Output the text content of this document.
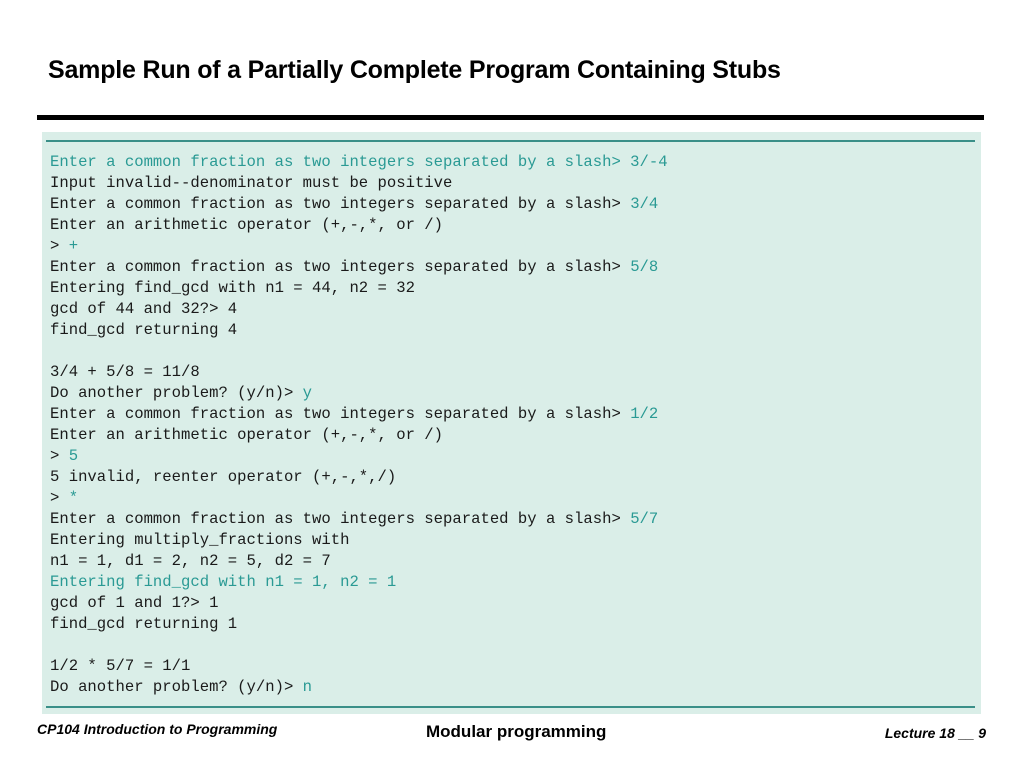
Sample Run of a Partially Complete Program Containing Stubs
Enter a common fraction as two integers separated by a slash> 3/-4
Input invalid--denominator must be positive
Enter a common fraction as two integers separated by a slash> 3/4
Enter an arithmetic operator (+,-,*, or /)
> +
Enter a common fraction as two integers separated by a slash> 5/8
Entering find_gcd with n1 = 44, n2 = 32
gcd of 44 and 32?> 4
find_gcd returning 4
3/4 + 5/8 = 11/8
Do another problem? (y/n)> y
Enter a common fraction as two integers separated by a slash> 1/2
Enter an arithmetic operator (+,-,*, or /)
> 5
5 invalid, reenter operator (+,-,*,/)
> *
Enter a common fraction as two integers separated by a slash> 5/7
Entering multiply_fractions with
n1 = 1, d1 = 2, n2 = 5, d2 = 7
Entering find_gcd with n1 = 1, n2 = 1
gcd of 1 and 1?> 1
find_gcd returning 1
1/2 * 5/7 = 1/1
Do another problem? (y/n)> n
CP104 Introduction to Programming	Modular programming	Lecture 18 __ 9
